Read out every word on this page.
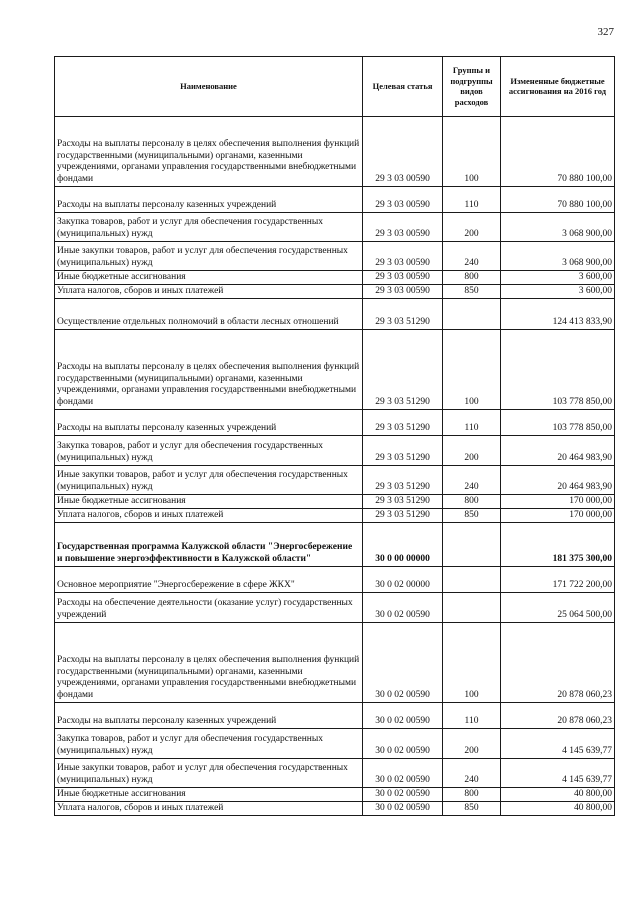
327
Наименование	Целевая статья	Группы и подгруппы видов расходов	Измененные бюджетные ассигнования на 2016 год
Расходы на выплаты персоналу в целях обеспечения выполнения функций государственными (муниципальными) органами, казенными учреждениями, органами управления государственными внебюджетными фондами	29 3 03 00590	100	70 880 100,00
Расходы на выплаты персоналу казенных учреждений	29 3 03 00590	110	70 880 100,00
Закупка товаров, работ и услуг для обеспечения государственных (муниципальных) нужд	29 3 03 00590	200	3 068 900,00
Иные закупки товаров, работ и услуг для обеспечения государственных (муниципальных) нужд	29 3 03 00590	240	3 068 900,00
Иные бюджетные ассигнования	29 3 03 00590	800	3 600,00
Уплата налогов, сборов и иных платежей	29 3 03 00590	850	3 600,00
Осуществление отдельных полномочий в области лесных отношений	29 3 03 51290		124 413 833,90
Расходы на выплаты персоналу в целях обеспечения выполнения функций государственными (муниципальными) органами, казенными учреждениями, органами управления государственными внебюджетными фондами	29 3 03 51290	100	103 778 850,00
Расходы на выплаты персоналу казенных учреждений	29 3 03 51290	110	103 778 850,00
Закупка товаров, работ и услуг для обеспечения государственных (муниципальных) нужд	29 3 03 51290	200	20 464 983,90
Иные закупки товаров, работ и услуг для обеспечения государственных (муниципальных) нужд	29 3 03 51290	240	20 464 983,90
Иные бюджетные ассигнования	29 3 03 51290	800	170 000,00
Уплата налогов, сборов и иных платежей	29 3 03 51290	850	170 000,00
Государственная программа Калужской области "Энергосбережение и повышение энергоэффективности в Калужской области"	30 0 00 00000		181 375 300,00
Основное мероприятие "Энергосбережение в сфере ЖКХ"	30 0 02 00000		171 722 200,00
Расходы на обеспечение деятельности (оказание услуг) государственных учреждений	30 0 02 00590		25 064 500,00
Расходы на выплаты персоналу в целях обеспечения выполнения функций государственными (муниципальными) органами, казенными учреждениями, органами управления государственными внебюджетными фондами	30 0 02 00590	100	20 878 060,23
Расходы на выплаты персоналу казенных учреждений	30 0 02 00590	110	20 878 060,23
Закупка товаров, работ и услуг для обеспечения государственных (муниципальных) нужд	30 0 02 00590	200	4 145 639,77
Иные закупки товаров, работ и услуг для обеспечения государственных (муниципальных) нужд	30 0 02 00590	240	4 145 639,77
Иные бюджетные ассигнования	30 0 02 00590	800	40 800,00
Уплата налогов, сборов и иных платежей	30 0 02 00590	850	40 800,00
